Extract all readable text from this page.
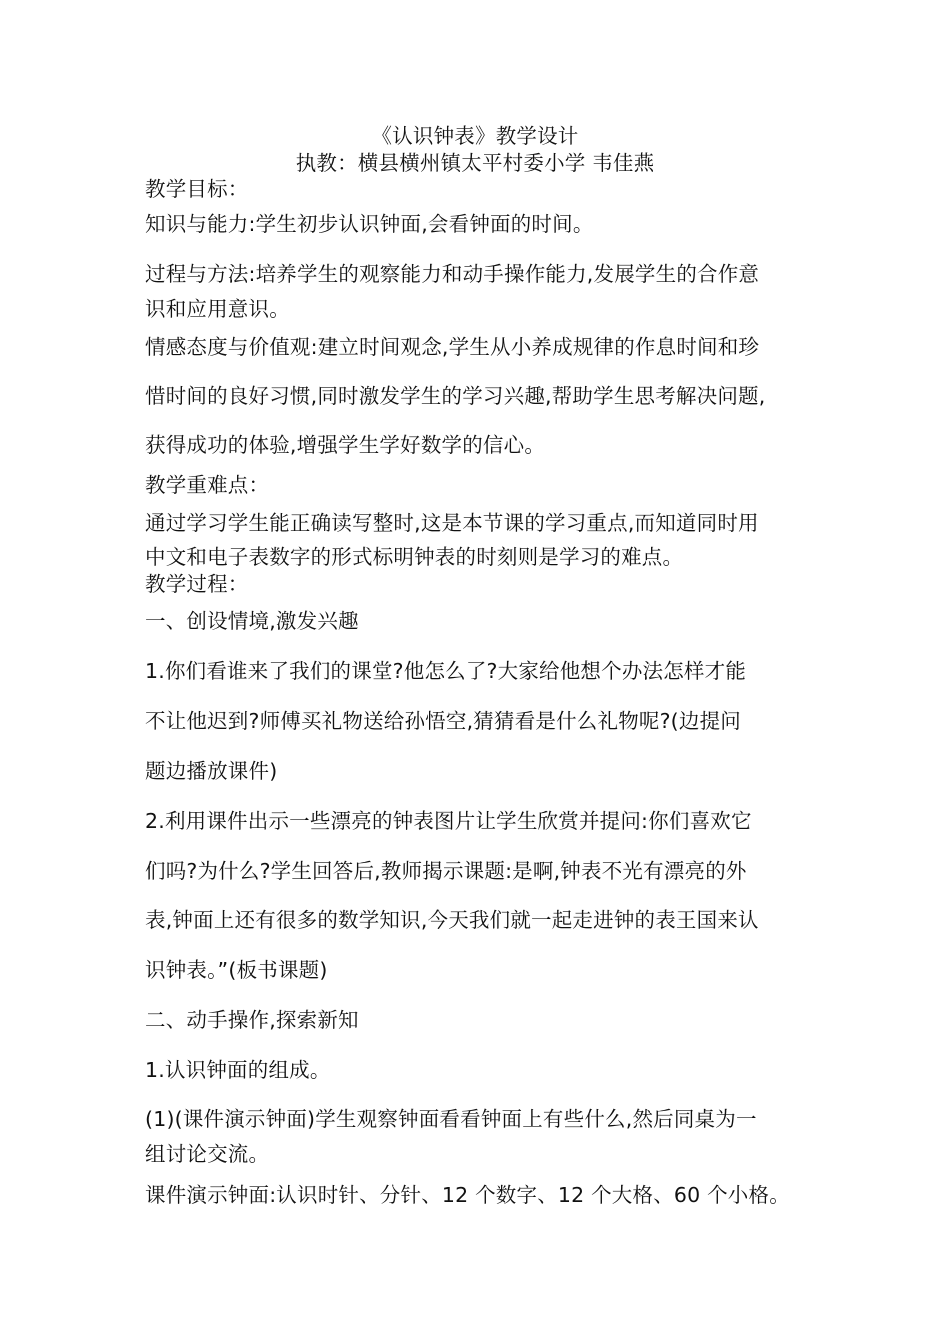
《认识钟表》教学设计
执教：横县横州镇太平村委小学 韦佳燕
教学目标：
知识与能力:学生初步认识钟面,会看钟面的时间。
过程与方法:培养学生的观察能力和动手操作能力,发展学生的合作意
识和应用意识。
情感态度与价值观:建立时间观念,学生从小养成规律的作息时间和珍
惜时间的良好习惯,同时激发学生的学习兴趣,帮助学生思考解决问题,
获得成功的体验,增强学生学好数学的信心。
教学重难点：
通过学习学生能正确读写整时,这是本节课的学习重点,而知道同时用
中文和电子表数字的形式标明钟表的时刻则是学习的难点。
教学过程：
一、创设情境,激发兴趣
1.你们看谁来了我们的课堂?他怎么了?大家给他想个办法怎样才能
不让他迟到?师傅买礼物送给孙悟空,猜猜看是什么礼物呢?(边提问
题边播放课件)
2.利用课件出示一些漂亮的钟表图片让学生欣赏并提问:你们喜欢它
们吗?为什么?学生回答后,教师揭示课题:是啊,钟表不光有漂亮的外
表,钟面上还有很多的数学知识,今天我们就一起走进钟的表王国来认
识钟表。”(板书课题)
二、动手操作,探索新知
1.认识钟面的组成。
(1)(课件演示钟面)学生观察钟面看看钟面上有些什么,然后同桌为一
组讨论交流。
课件演示钟面:认识时针、分针、12 个数字、12 个大格、60 个小格。
